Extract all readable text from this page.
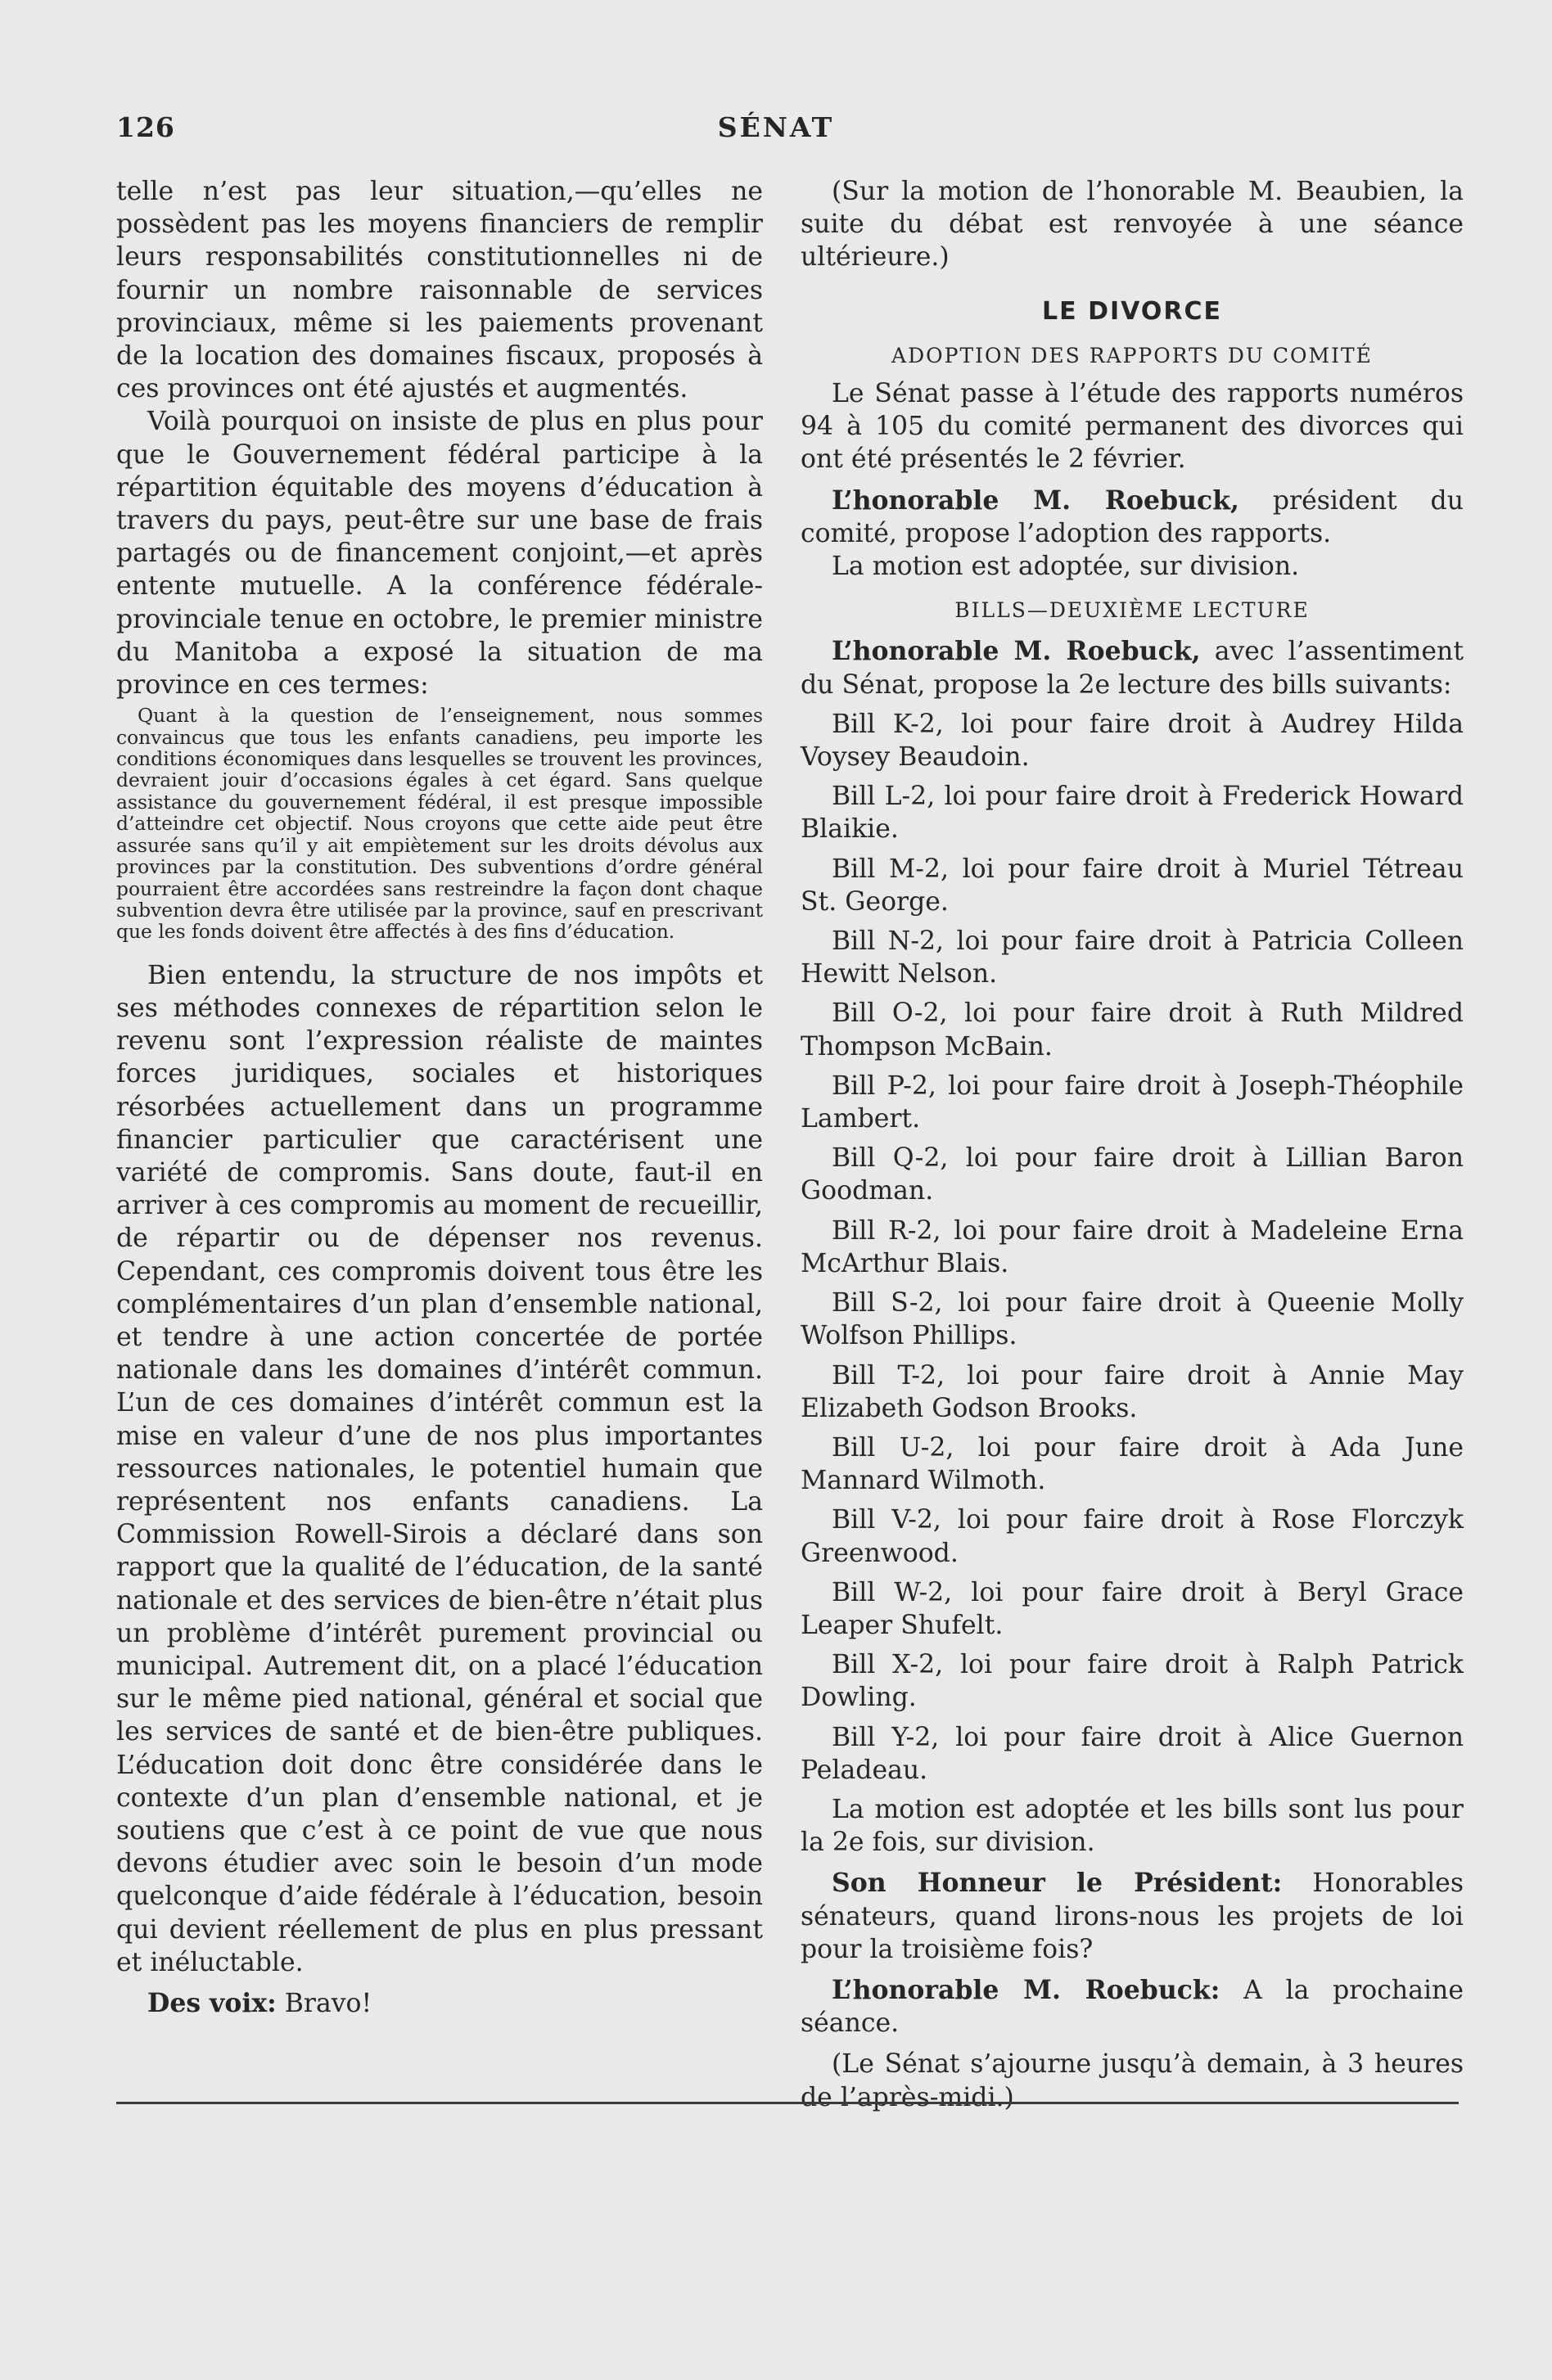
126	SÉNAT

telle n’est pas leur situation,—qu’elles ne possèdent pas les moyens financiers de remplir leurs responsabilités constitutionnelles ni de fournir un nombre raisonnable de services provinciaux, même si les paiements provenant de la location des domaines fiscaux, proposés à ces provinces ont été ajustés et augmentés.

Voilà pourquoi on insiste de plus en plus pour que le Gouvernement fédéral participe à la répartition équitable des moyens d’éducation à travers du pays, peut-être sur une base de frais partagés ou de financement conjoint,—et après entente mutuelle. A la conférence fédérale-provinciale tenue en octobre, le premier ministre du Manitoba a exposé la situation de ma province en ces termes:

Quant à la question de l’enseignement, nous sommes convaincus que tous les enfants canadiens, peu importe les conditions économiques dans lesquelles se trouvent les provinces, devraient jouir d’occasions égales à cet égard. Sans quelque assistance du gouvernement fédéral, il est presque impossible d’atteindre cet objectif. Nous croyons que cette aide peut être assurée sans qu’il y ait empiètement sur les droits dévolus aux provinces par la constitution. Des subventions d’ordre général pourraient être accordées sans restreindre la façon dont chaque subvention devra être utilisée par la province, sauf en prescrivant que les fonds doivent être affectés à des fins d’éducation.

Bien entendu, la structure de nos impôts et ses méthodes connexes de répartition selon le revenu sont l’expression réaliste de maintes forces juridiques, sociales et historiques résorbées actuellement dans un programme financier particulier que caractérisent une variété de compromis. Sans doute, faut-il en arriver à ces compromis au moment de recueillir, de répartir ou de dépenser nos revenus. Cependant, ces compromis doivent tous être les complémentaires d’un plan d’ensemble national, et tendre à une action concertée de portée nationale dans les domaines d’intérêt commun. L’un de ces domaines d’intérêt commun est la mise en valeur d’une de nos plus importantes ressources nationales, le potentiel humain que représentent nos enfants canadiens. La Commission Rowell-Sirois a déclaré dans son rapport que la qualité de l’éducation, de la santé nationale et des services de bien-être n’était plus un problème d’intérêt purement provincial ou municipal. Autrement dit, on a placé l’éducation sur le même pied national, général et social que les services de santé et de bien-être publiques. L’éducation doit donc être considérée dans le contexte d’un plan d’ensemble national, et je soutiens que c’est à ce point de vue que nous devons étudier avec soin le besoin d’un mode quelconque d’aide fédérale à l’éducation, besoin qui devient réellement de plus en plus pressant et inéluctable.

Des voix: Bravo!

(Sur la motion de l’honorable M. Beaubien, la suite du débat est renvoyée à une séance ultérieure.)

LE DIVORCE
ADOPTION DES RAPPORTS DU COMITÉ

Le Sénat passe à l’étude des rapports numéros 94 à 105 du comité permanent des divorces qui ont été présentés le 2 février.

L’honorable M. Roebuck, président du comité, propose l’adoption des rapports.

La motion est adoptée, sur division.

BILLS—DEUXIÈME LECTURE

L’honorable M. Roebuck, avec l’assentiment du Sénat, propose la 2e lecture des bills suivants:

Bill K-2, loi pour faire droit à Audrey Hilda Voysey Beaudoin.

Bill L-2, loi pour faire droit à Frederick Howard Blaikie.

Bill M-2, loi pour faire droit à Muriel Tétreau St. George.

Bill N-2, loi pour faire droit à Patricia Colleen Hewitt Nelson.

Bill O-2, loi pour faire droit à Ruth Mildred Thompson McBain.

Bill P-2, loi pour faire droit à Joseph-Théophile Lambert.

Bill Q-2, loi pour faire droit à Lillian Baron Goodman.

Bill R-2, loi pour faire droit à Madeleine Erna McArthur Blais.

Bill S-2, loi pour faire droit à Queenie Molly Wolfson Phillips.

Bill T-2, loi pour faire droit à Annie May Elizabeth Godson Brooks.

Bill U-2, loi pour faire droit à Ada June Mannard Wilmoth.

Bill V-2, loi pour faire droit à Rose Florczyk Greenwood.

Bill W-2, loi pour faire droit à Beryl Grace Leaper Shufelt.

Bill X-2, loi pour faire droit à Ralph Patrick Dowling.

Bill Y-2, loi pour faire droit à Alice Guernon Peladeau.

La motion est adoptée et les bills sont lus pour la 2e fois, sur division.

Son Honneur le Président: Honorables sénateurs, quand lirons-nous les projets de loi pour la troisième fois?

L’honorable M. Roebuck: A la prochaine séance.

(Le Sénat s’ajourne jusqu’à demain, à 3 heures de l’après-midi.)
